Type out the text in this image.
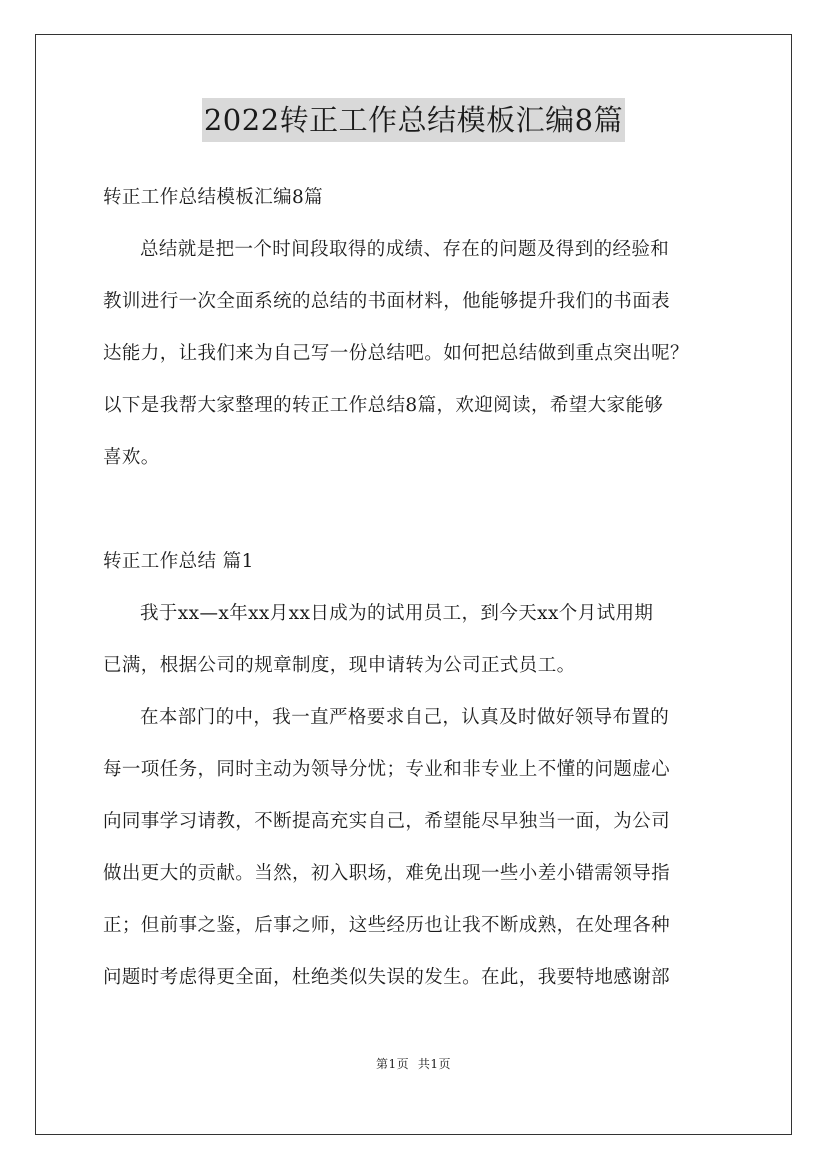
2022转正工作总结模板汇编8篇

转正工作总结模板汇编8篇

总结就是把一个时间段取得的成绩、存在的问题及得到的经验和

教训进行一次全面系统的总结的书面材料，他能够提升我们的书面表

达能力，让我们来为自己写一份总结吧。如何把总结做到重点突出呢？

以下是我帮大家整理的转正工作总结8篇，欢迎阅读，希望大家能够

喜欢。

转正工作总结 篇1

我于xx—x年xx月xx日成为的试用员工，到今天xx个月试用期

已满，根据公司的规章制度，现申请转为公司正式员工。

在本部门的中，我一直严格要求自己，认真及时做好领导布置的

每一项任务，同时主动为领导分忧；专业和非专业上不懂的问题虚心

向同事学习请教，不断提高充实自己，希望能尽早独当一面，为公司

做出更大的贡献。当然，初入职场，难免出现一些小差小错需领导指

正；但前事之鉴，后事之师，这些经历也让我不断成熟，在处理各种

问题时考虑得更全面，杜绝类似失误的发生。在此，我要特地感谢部

第1页 共1页
